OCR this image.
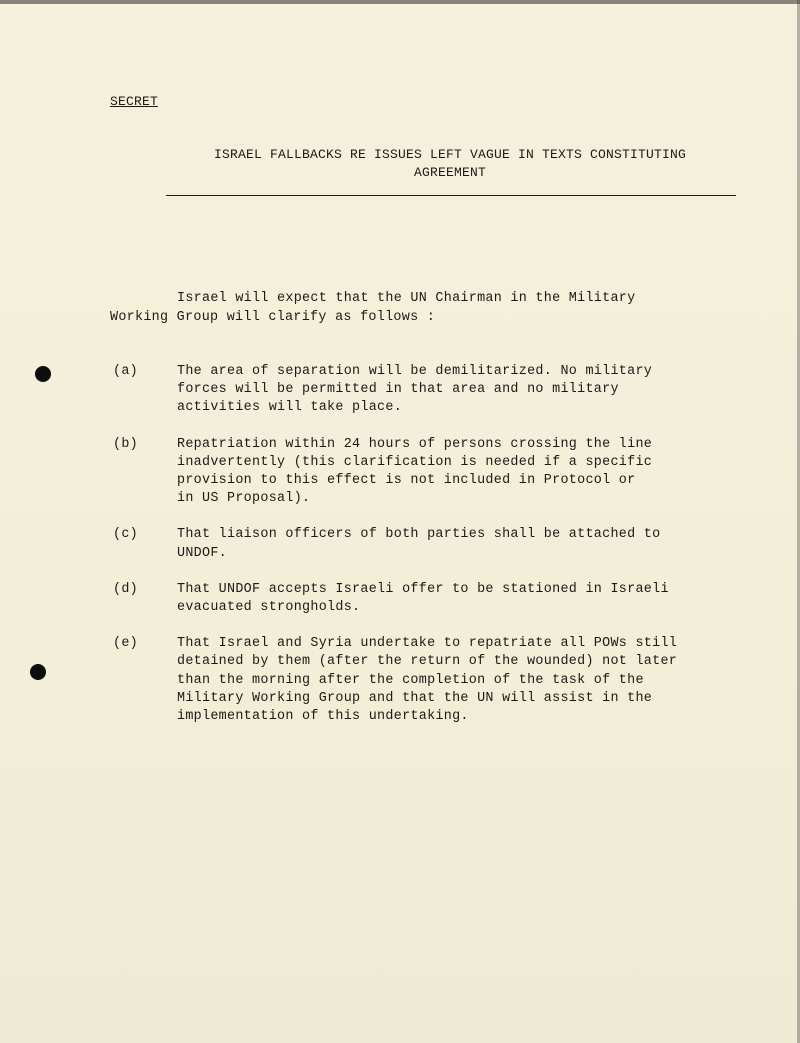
SECRET
ISRAEL FALLBACKS RE ISSUES LEFT VAGUE IN TEXTS CONSTITUTING
AGREEMENT
Israel will expect that the UN Chairman in the Military
Working Group will clarify as follows :
(a)	The area of separation will be demilitarized. No military
forces will be permitted in that area and no military
activities will take place.
(b)	Repatriation within 24 hours of persons crossing the line
inadvertently (this clarification is needed if a specific
provision to this effect is not included in Protocol or
in US Proposal).
(c)	That liaison officers of both parties shall be attached to
UNDOF.
(d)	That UNDOF accepts Israeli offer to be stationed in Israeli
evacuated strongholds.
(e)	That Israel and Syria undertake to repatriate all POWs still
detained by them (after the return of the wounded) not later
than the morning after the completion of the task of the
Military Working Group and that the UN will assist in the
implementation of this undertaking.
